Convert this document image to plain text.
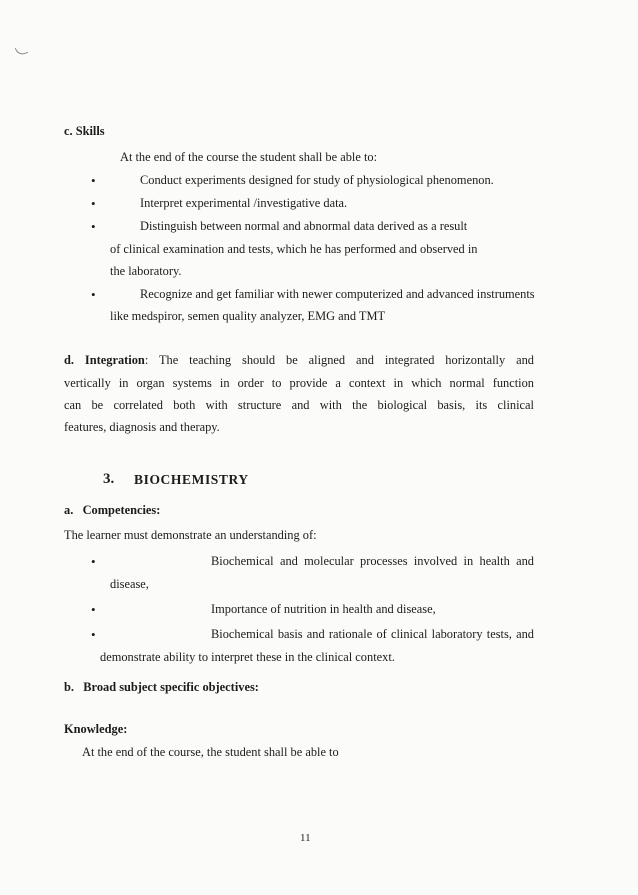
c. Skills
At the end of the course the student shall be able to:
•	Conduct experiments designed for study of physiological phenomenon.
•	Interpret experimental /investigative data.
•	Distinguish between normal and abnormal data derived as a result
of clinical examination and tests, which he has performed and observed in
the laboratory.
•	Recognize and get familiar with newer computerized and advanced instruments
like medspiror, semen quality analyzer, EMG and TMT
d. Integration: The teaching should be aligned and integrated horizontally and
vertically in organ systems in order to provide a context in which normal function
can be correlated both with structure and with the biological basis, its clinical
features, diagnosis and therapy.
3. BIOCHEMISTRY
a.   Competencies:
The learner must demonstrate an understanding of:
•	Biochemical and molecular processes involved in health and
disease,
•	Importance of nutrition in health and disease,
•	Biochemical basis and rationale of clinical laboratory tests, and
demonstrate ability to interpret these in the clinical context.
b.   Broad subject specific objectives:
Knowledge:
At the end of the course, the student shall be able to
11
